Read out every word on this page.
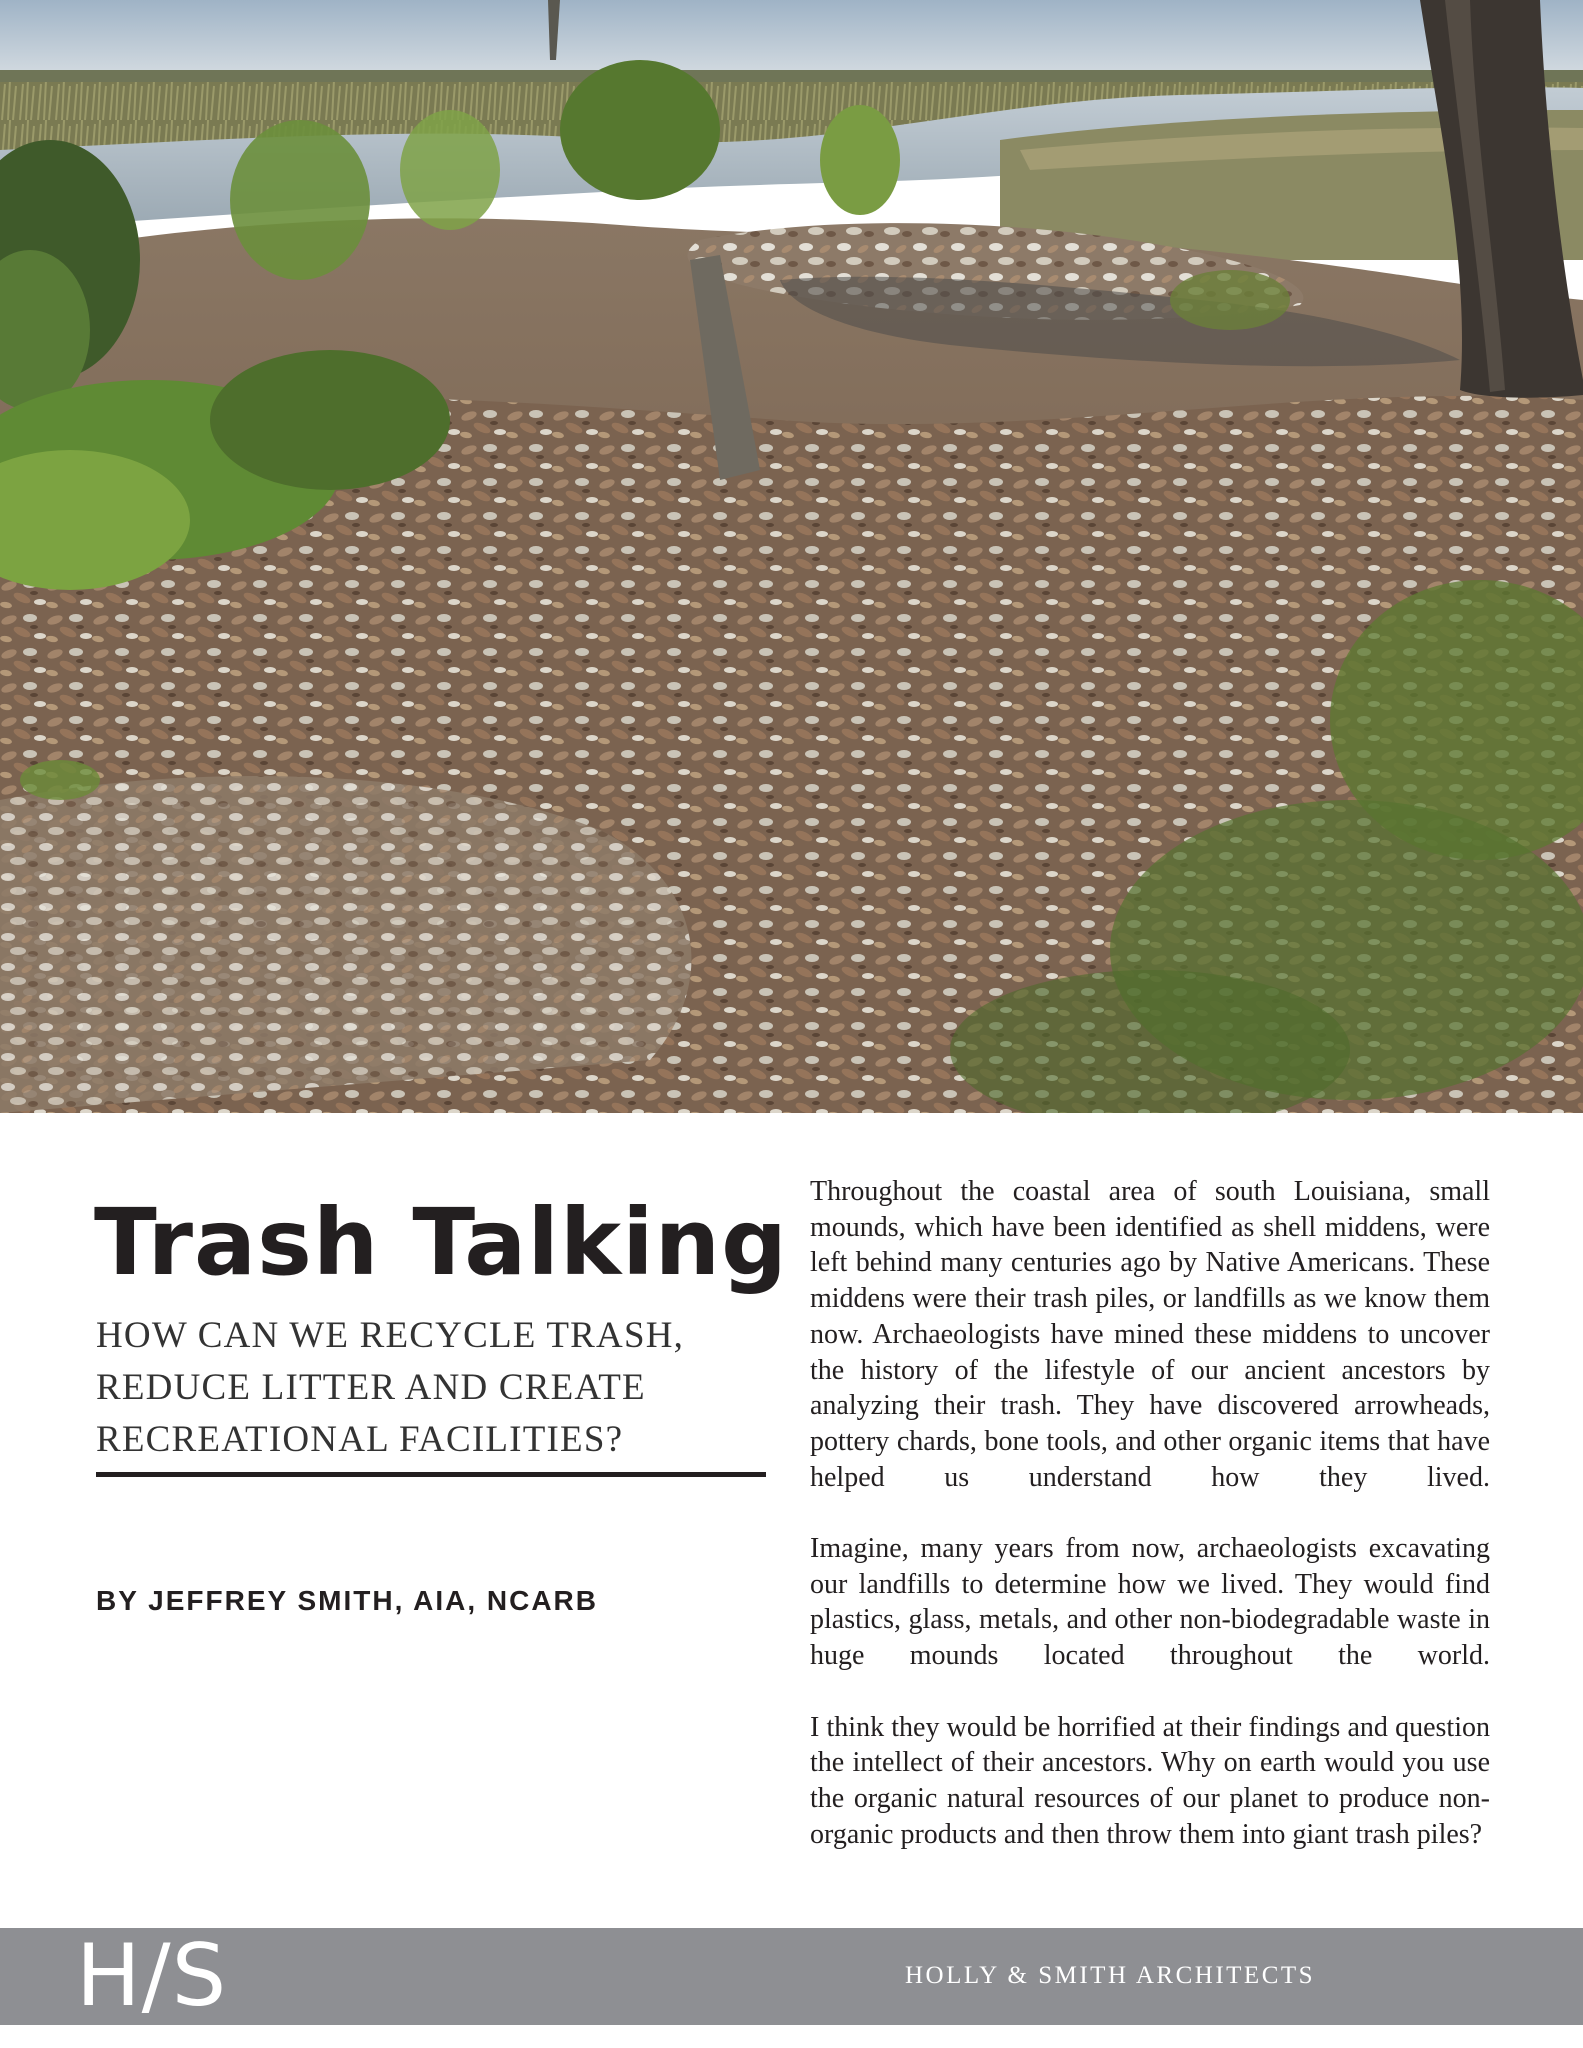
Trash Talking
HOW CAN WE RECYCLE TRASH, REDUCE LITTER AND CREATE RECREATIONAL FACILITIES?

BY JEFFREY SMITH, AIA, NCARB

Throughout the coastal area of south Louisiana, small mounds, which have been identified as shell middens, were left behind many centuries ago by Native Americans. These middens were their trash piles, or landfills as we know them now. Archaeologists have mined these middens to uncover the history of the lifestyle of our ancient ancestors by analyzing their trash. They have discovered arrowheads, pottery chards, bone tools, and other organic items that have helped us understand how they lived.

Imagine, many years from now, archaeologists excavating our landfills to determine how we lived. They would find plastics, glass, metals, and other non-biodegradable waste in huge mounds located throughout the world.

I think they would be horrified at their findings and question the intellect of their ancestors. Why on earth would you use the organic natural resources of our planet to produce non-organic products and then throw them into giant trash piles?

H/S	HOLLY & SMITH ARCHITECTS
